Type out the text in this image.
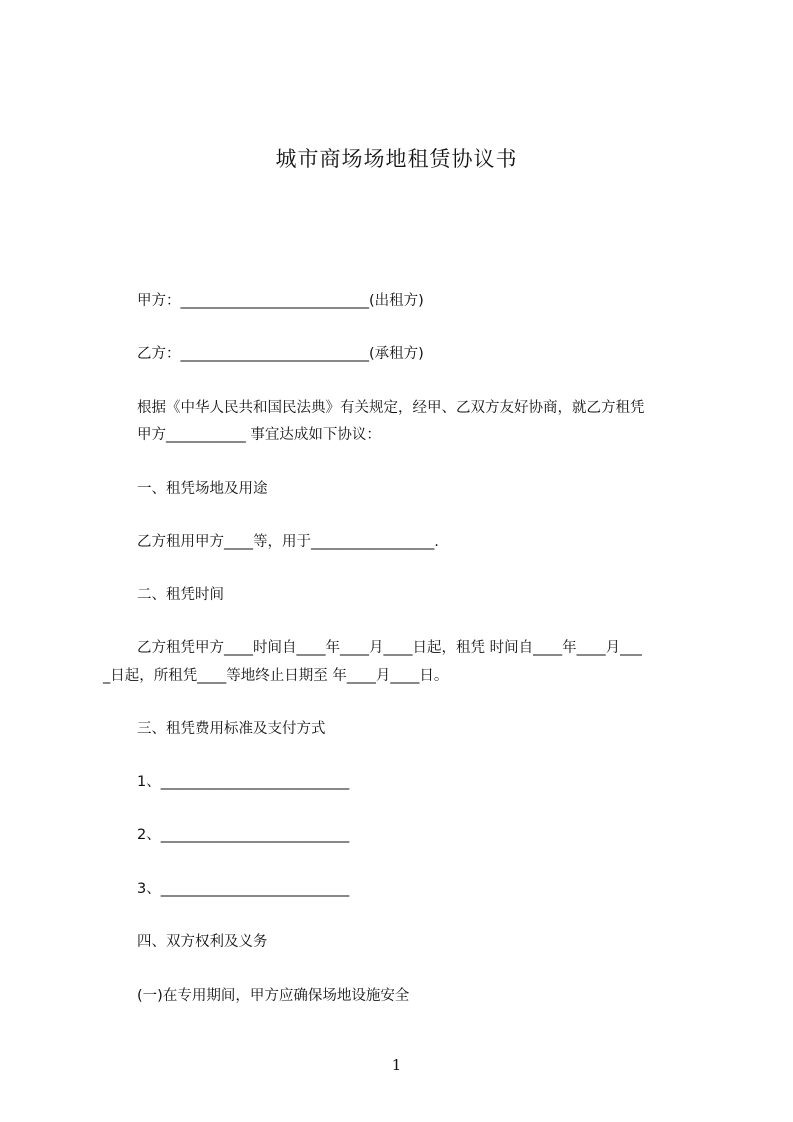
城市商场场地租赁协议书
甲方：__________________________(出租方)
乙方：__________________________(承租方)
根据《中华人民共和国民法典》有关规定，经甲、乙双方友好协商，就乙方租凭
甲方___________ 事宜达成如下协议：
一、租凭场地及用途
乙方租用甲方____等，用于_________________.
二、租凭时间
乙方租凭甲方____时间自____年____月____日起，租凭 时间自____年____月___
_日起，所租凭____等地终止日期至 年____月____日。
三、租凭费用标准及支付方式
1、__________________________
2、__________________________
3、__________________________
四、双方权利及义务
(一)在专用期间，甲方应确保场地设施安全
1
